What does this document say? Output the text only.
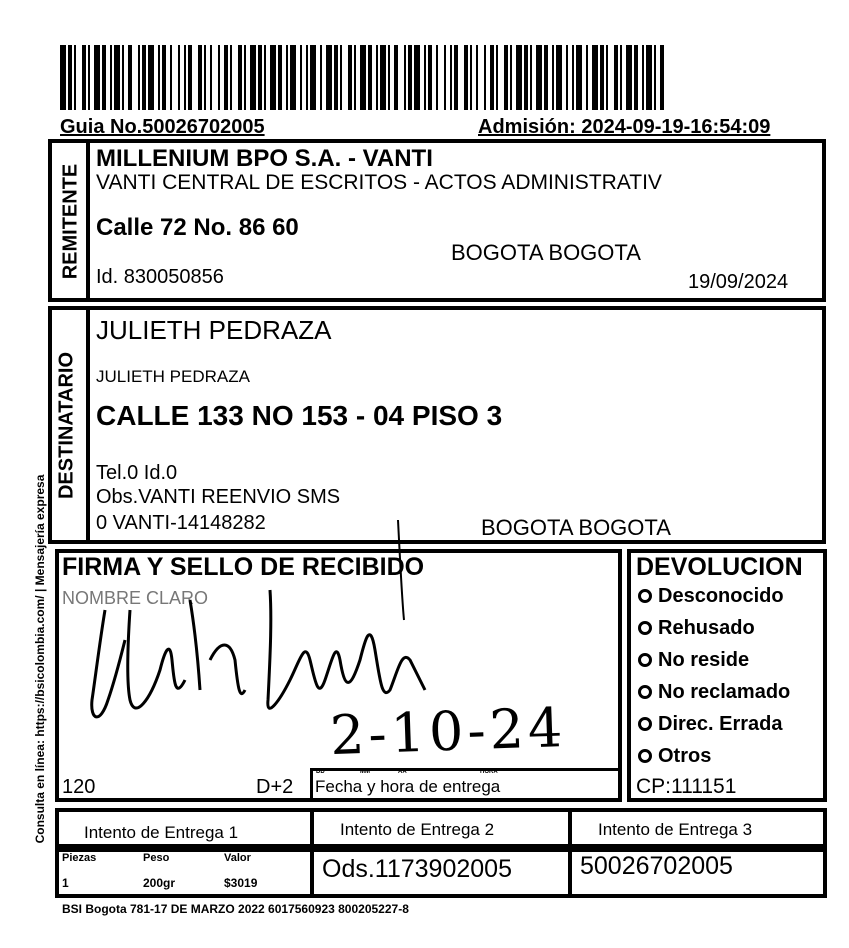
Guia No.50026702005	Admisión: 2024-09-19-16:54:09
REMITENTE
MILLENIUM BPO S.A. - VANTI
VANTI CENTRAL DE ESCRITOS - ACTOS ADMINISTRATIV
Calle 72 No. 86 60
BOGOTA BOGOTA
Id. 830050856	19/09/2024
DESTINATARIO
JULIETH PEDRAZA
JULIETH PEDRAZA
CALLE 133 NO 153 - 04 PISO 3
Tel.0 Id.0
Obs.VANTI REENVIO SMS
0 VANTI-14148282	BOGOTA BOGOTA
FIRMA Y SELLO DE RECIBIDO
NOMBRE CLARO
120	D+2
DD	MM	AA	HORA
Fecha y hora de entrega
2-10-24
DEVOLUCION
Desconocido
Rehusado
No reside
No reclamado
Direc. Errada
Otros
CP:111151
Intento de Entrega 1	Intento de Entrega 2	Intento de Entrega 3
Piezas	Peso	Valor
1	200gr	$3019	Ods.1173902005	50026702005
BSI Bogota 781-17 DE MARZO 2022 6017560923 800205227-8
Consulta en línea: https://bsicolombia.com/ | Mensajería expresa
